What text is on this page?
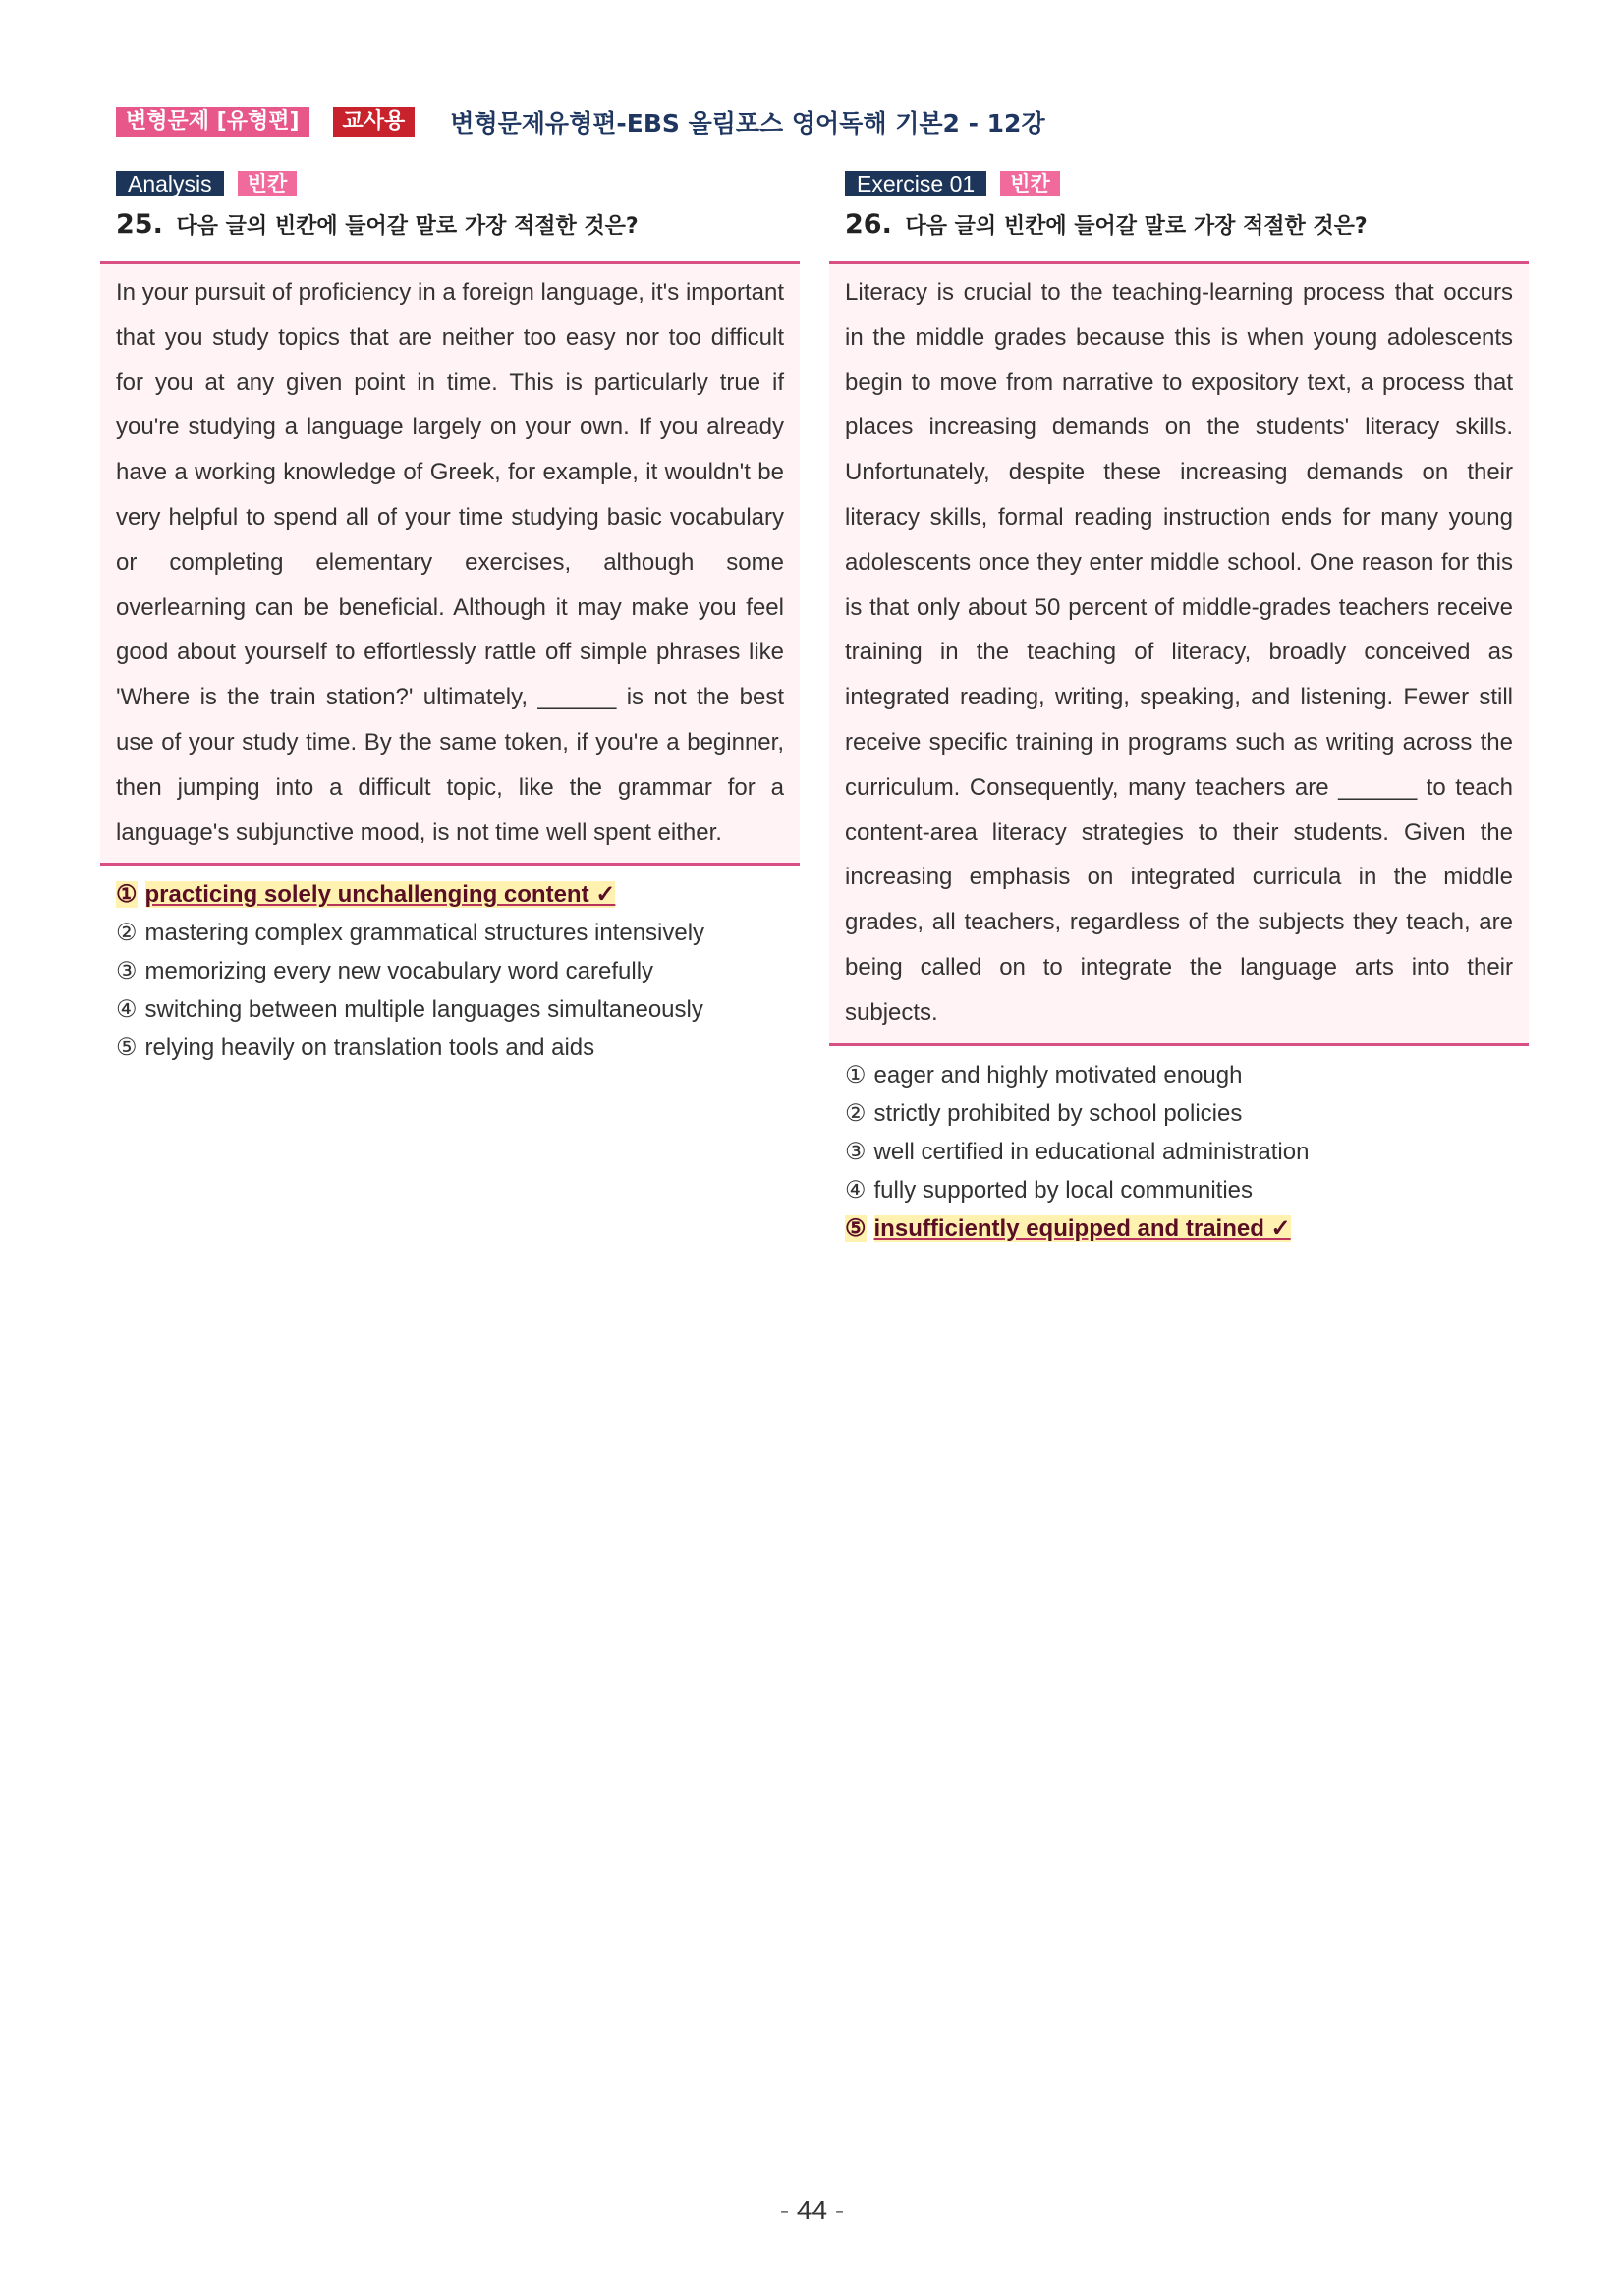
변형문제 [유형편]	교사용	변형문제유형편-EBS 올림포스 영어독해 기본2 - 12강
Analysis	빈칸
25. 다음 글의 빈칸에 들어갈 말로 가장 적절한 것은?

In your pursuit of proficiency in a foreign language, it's important that you study topics that are neither too easy nor too difficult for you at any given point in time. This is particularly true if you're studying a language largely on your own. If you already have a working knowledge of Greek, for example, it wouldn't be very helpful to spend all of your time studying basic vocabulary or completing elementary exercises, although some overlearning can be beneficial. Although it may make you feel good about yourself to effortlessly rattle off simple phrases like 'Where is the train station?' ultimately, ______ is not the best use of your study time. By the same token, if you're a beginner, then jumping into a difficult topic, like the grammar for a language's subjunctive mood, is not time well spent either.

① practicing solely unchallenging content ✓
② mastering complex grammatical structures intensively
③ memorizing every new vocabulary word carefully
④ switching between multiple languages simultaneously
⑤ relying heavily on translation tools and aids
Exercise 01	빈칸
26. 다음 글의 빈칸에 들어갈 말로 가장 적절한 것은?

Literacy is crucial to the teaching-learning process that occurs in the middle grades because this is when young adolescents begin to move from narrative to expository text, a process that places increasing demands on the students' literacy skills. Unfortunately, despite these increasing demands on their literacy skills, formal reading instruction ends for many young adolescents once they enter middle school. One reason for this is that only about 50 percent of middle-grades teachers receive training in the teaching of literacy, broadly conceived as integrated reading, writing, speaking, and listening. Fewer still receive specific training in programs such as writing across the curriculum. Consequently, many teachers are ______ to teach content-area literacy strategies to their students. Given the increasing emphasis on integrated curricula in the middle grades, all teachers, regardless of the subjects they teach, are being called on to integrate the language arts into their subjects.

① eager and highly motivated enough
② strictly prohibited by school policies
③ well certified in educational administration
④ fully supported by local communities
⑤ insufficiently equipped and trained ✓
- 44 -
